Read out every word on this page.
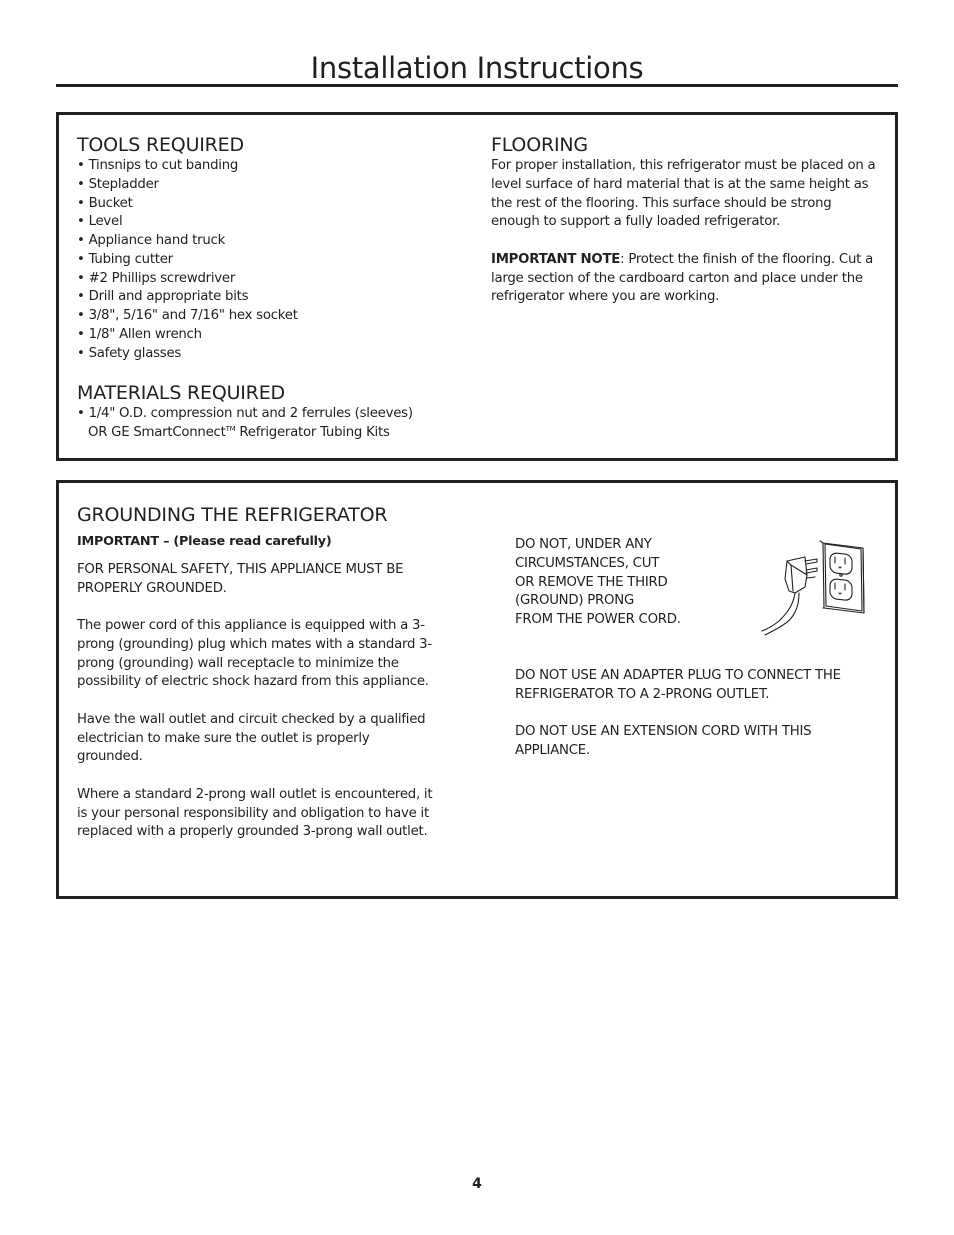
Installation Instructions
TOOLS REQUIRED
• Tinsnips to cut banding
• Stepladder
• Bucket
• Level
• Appliance hand truck
• Tubing cutter
• #2 Phillips screwdriver
• Drill and appropriate bits
• 3/8", 5/16" and 7/16" hex socket
• 1/8" Allen wrench
• Safety glasses
MATERIALS REQUIRED
• 1/4" O.D. compression nut and 2 ferrules (sleeves)
OR GE SmartConnect™ Refrigerator Tubing Kits
FLOORING

For proper installation, this refrigerator must be placed on a level surface of hard material that is at the same height as the rest of the flooring. This surface should be strong enough to support a fully loaded refrigerator.

IMPORTANT NOTE: Protect the finish of the flooring. Cut a large section of the cardboard carton and place under the refrigerator where you are working.

GROUNDING THE REFRIGERATOR

IMPORTANT – (Please read carefully)

FOR PERSONAL SAFETY, THIS APPLIANCE MUST BE PROPERLY GROUNDED.

The power cord of this appliance is equipped with a 3-prong (grounding) plug which mates with a standard 3-prong (grounding) wall receptacle to minimize the possibility of electric shock hazard from this appliance.

Have the wall outlet and circuit checked by a qualified electrician to make sure the outlet is properly grounded.

Where a standard 2-prong wall outlet is encountered, it is your personal responsibility and obligation to have it replaced with a properly grounded 3-prong wall outlet.

DO NOT, UNDER ANY
CIRCUMSTANCES, CUT
OR REMOVE THE THIRD
(GROUND) PRONG
FROM THE POWER CORD.

DO NOT USE AN ADAPTER PLUG TO CONNECT THE REFRIGERATOR TO A 2-PRONG OUTLET.

DO NOT USE AN EXTENSION CORD WITH THIS APPLIANCE.

4
